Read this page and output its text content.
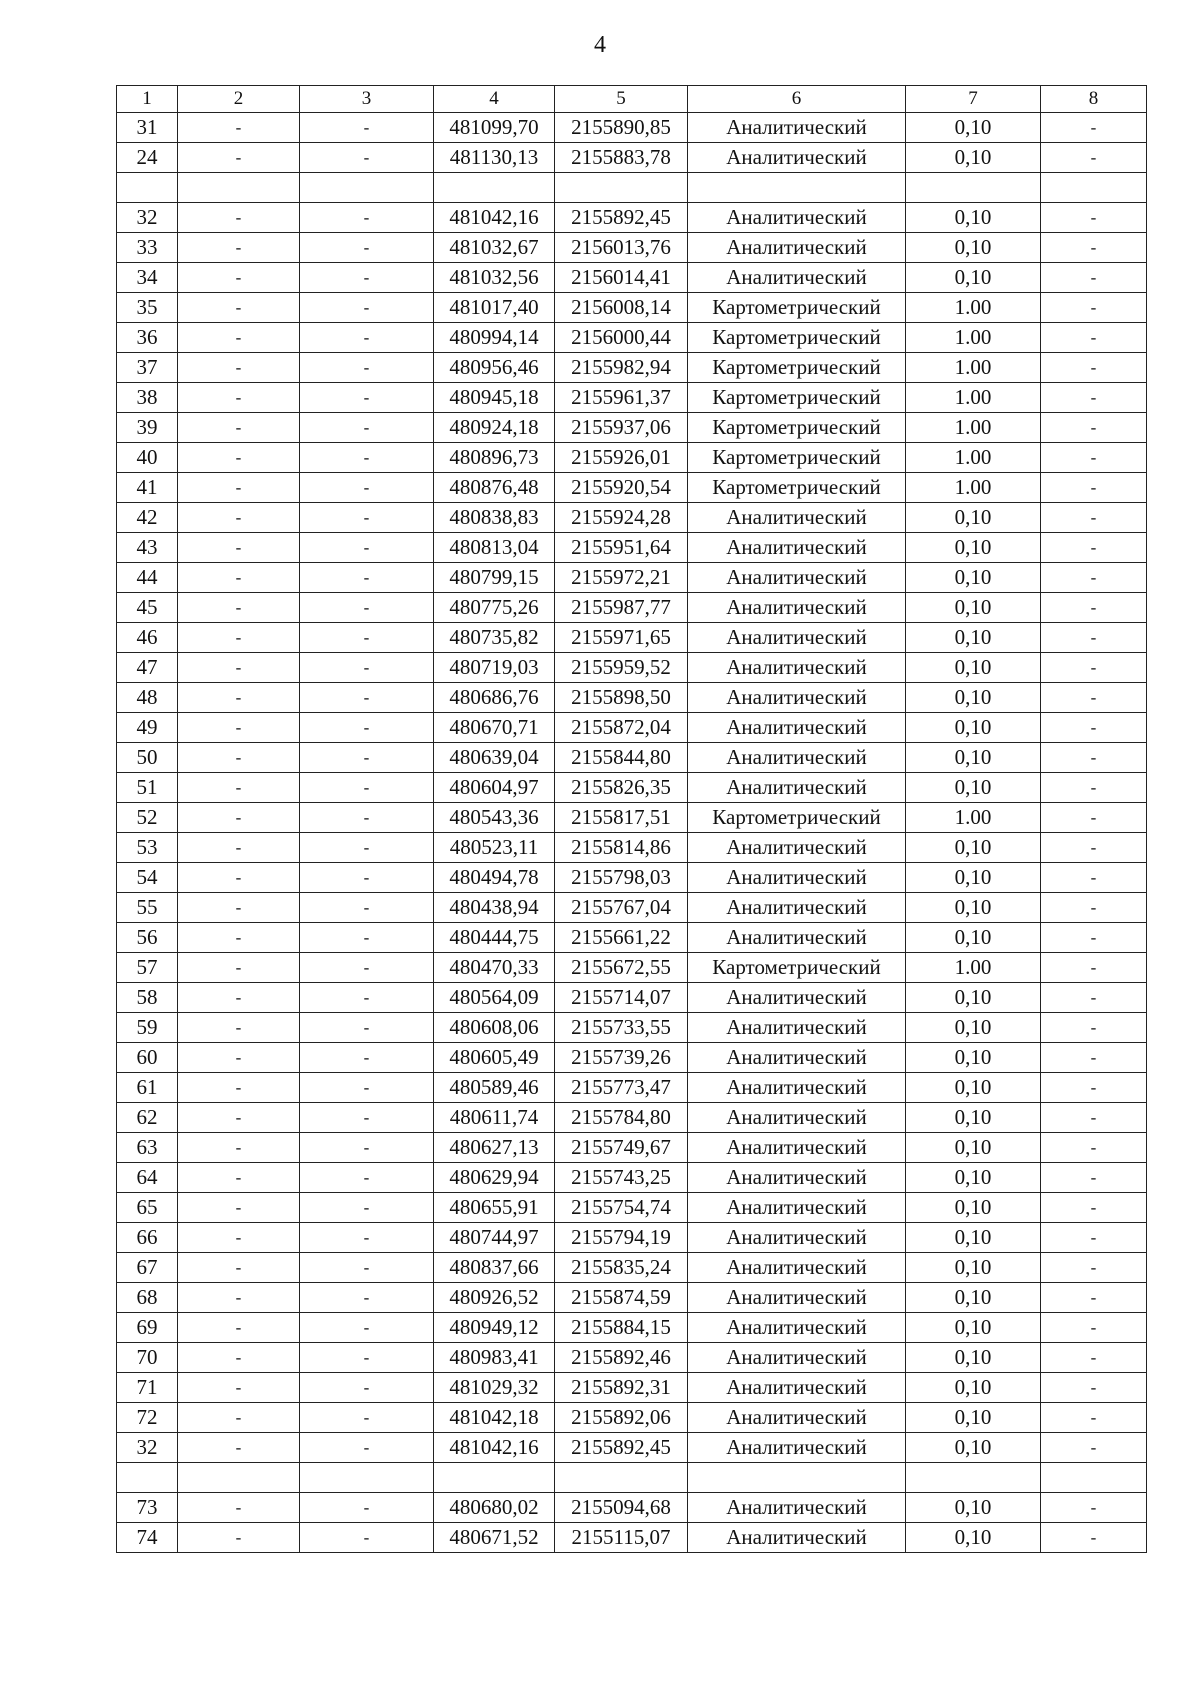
4
1	2	3	4	5	6	7	8
31	-	-	481099,70	2155890,85	Аналитический	0,10	-
24	-	-	481130,13	2155883,78	Аналитический	0,10	-

32	-	-	481042,16	2155892,45	Аналитический	0,10	-
33	-	-	481032,67	2156013,76	Аналитический	0,10	-
34	-	-	481032,56	2156014,41	Аналитический	0,10	-
35	-	-	481017,40	2156008,14	Картометрический	1.00	-
36	-	-	480994,14	2156000,44	Картометрический	1.00	-
37	-	-	480956,46	2155982,94	Картометрический	1.00	-
38	-	-	480945,18	2155961,37	Картометрический	1.00	-
39	-	-	480924,18	2155937,06	Картометрический	1.00	-
40	-	-	480896,73	2155926,01	Картометрический	1.00	-
41	-	-	480876,48	2155920,54	Картометрический	1.00	-
42	-	-	480838,83	2155924,28	Аналитический	0,10	-
43	-	-	480813,04	2155951,64	Аналитический	0,10	-
44	-	-	480799,15	2155972,21	Аналитический	0,10	-
45	-	-	480775,26	2155987,77	Аналитический	0,10	-
46	-	-	480735,82	2155971,65	Аналитический	0,10	-
47	-	-	480719,03	2155959,52	Аналитический	0,10	-
48	-	-	480686,76	2155898,50	Аналитический	0,10	-
49	-	-	480670,71	2155872,04	Аналитический	0,10	-
50	-	-	480639,04	2155844,80	Аналитический	0,10	-
51	-	-	480604,97	2155826,35	Аналитический	0,10	-
52	-	-	480543,36	2155817,51	Картометрический	1.00	-
53	-	-	480523,11	2155814,86	Аналитический	0,10	-
54	-	-	480494,78	2155798,03	Аналитический	0,10	-
55	-	-	480438,94	2155767,04	Аналитический	0,10	-
56	-	-	480444,75	2155661,22	Аналитический	0,10	-
57	-	-	480470,33	2155672,55	Картометрический	1.00	-
58	-	-	480564,09	2155714,07	Аналитический	0,10	-
59	-	-	480608,06	2155733,55	Аналитический	0,10	-
60	-	-	480605,49	2155739,26	Аналитический	0,10	-
61	-	-	480589,46	2155773,47	Аналитический	0,10	-
62	-	-	480611,74	2155784,80	Аналитический	0,10	-
63	-	-	480627,13	2155749,67	Аналитический	0,10	-
64	-	-	480629,94	2155743,25	Аналитический	0,10	-
65	-	-	480655,91	2155754,74	Аналитический	0,10	-
66	-	-	480744,97	2155794,19	Аналитический	0,10	-
67	-	-	480837,66	2155835,24	Аналитический	0,10	-
68	-	-	480926,52	2155874,59	Аналитический	0,10	-
69	-	-	480949,12	2155884,15	Аналитический	0,10	-
70	-	-	480983,41	2155892,46	Аналитический	0,10	-
71	-	-	481029,32	2155892,31	Аналитический	0,10	-
72	-	-	481042,18	2155892,06	Аналитический	0,10	-
32	-	-	481042,16	2155892,45	Аналитический	0,10	-

73	-	-	480680,02	2155094,68	Аналитический	0,10	-
74	-	-	480671,52	2155115,07	Аналитический	0,10	-
